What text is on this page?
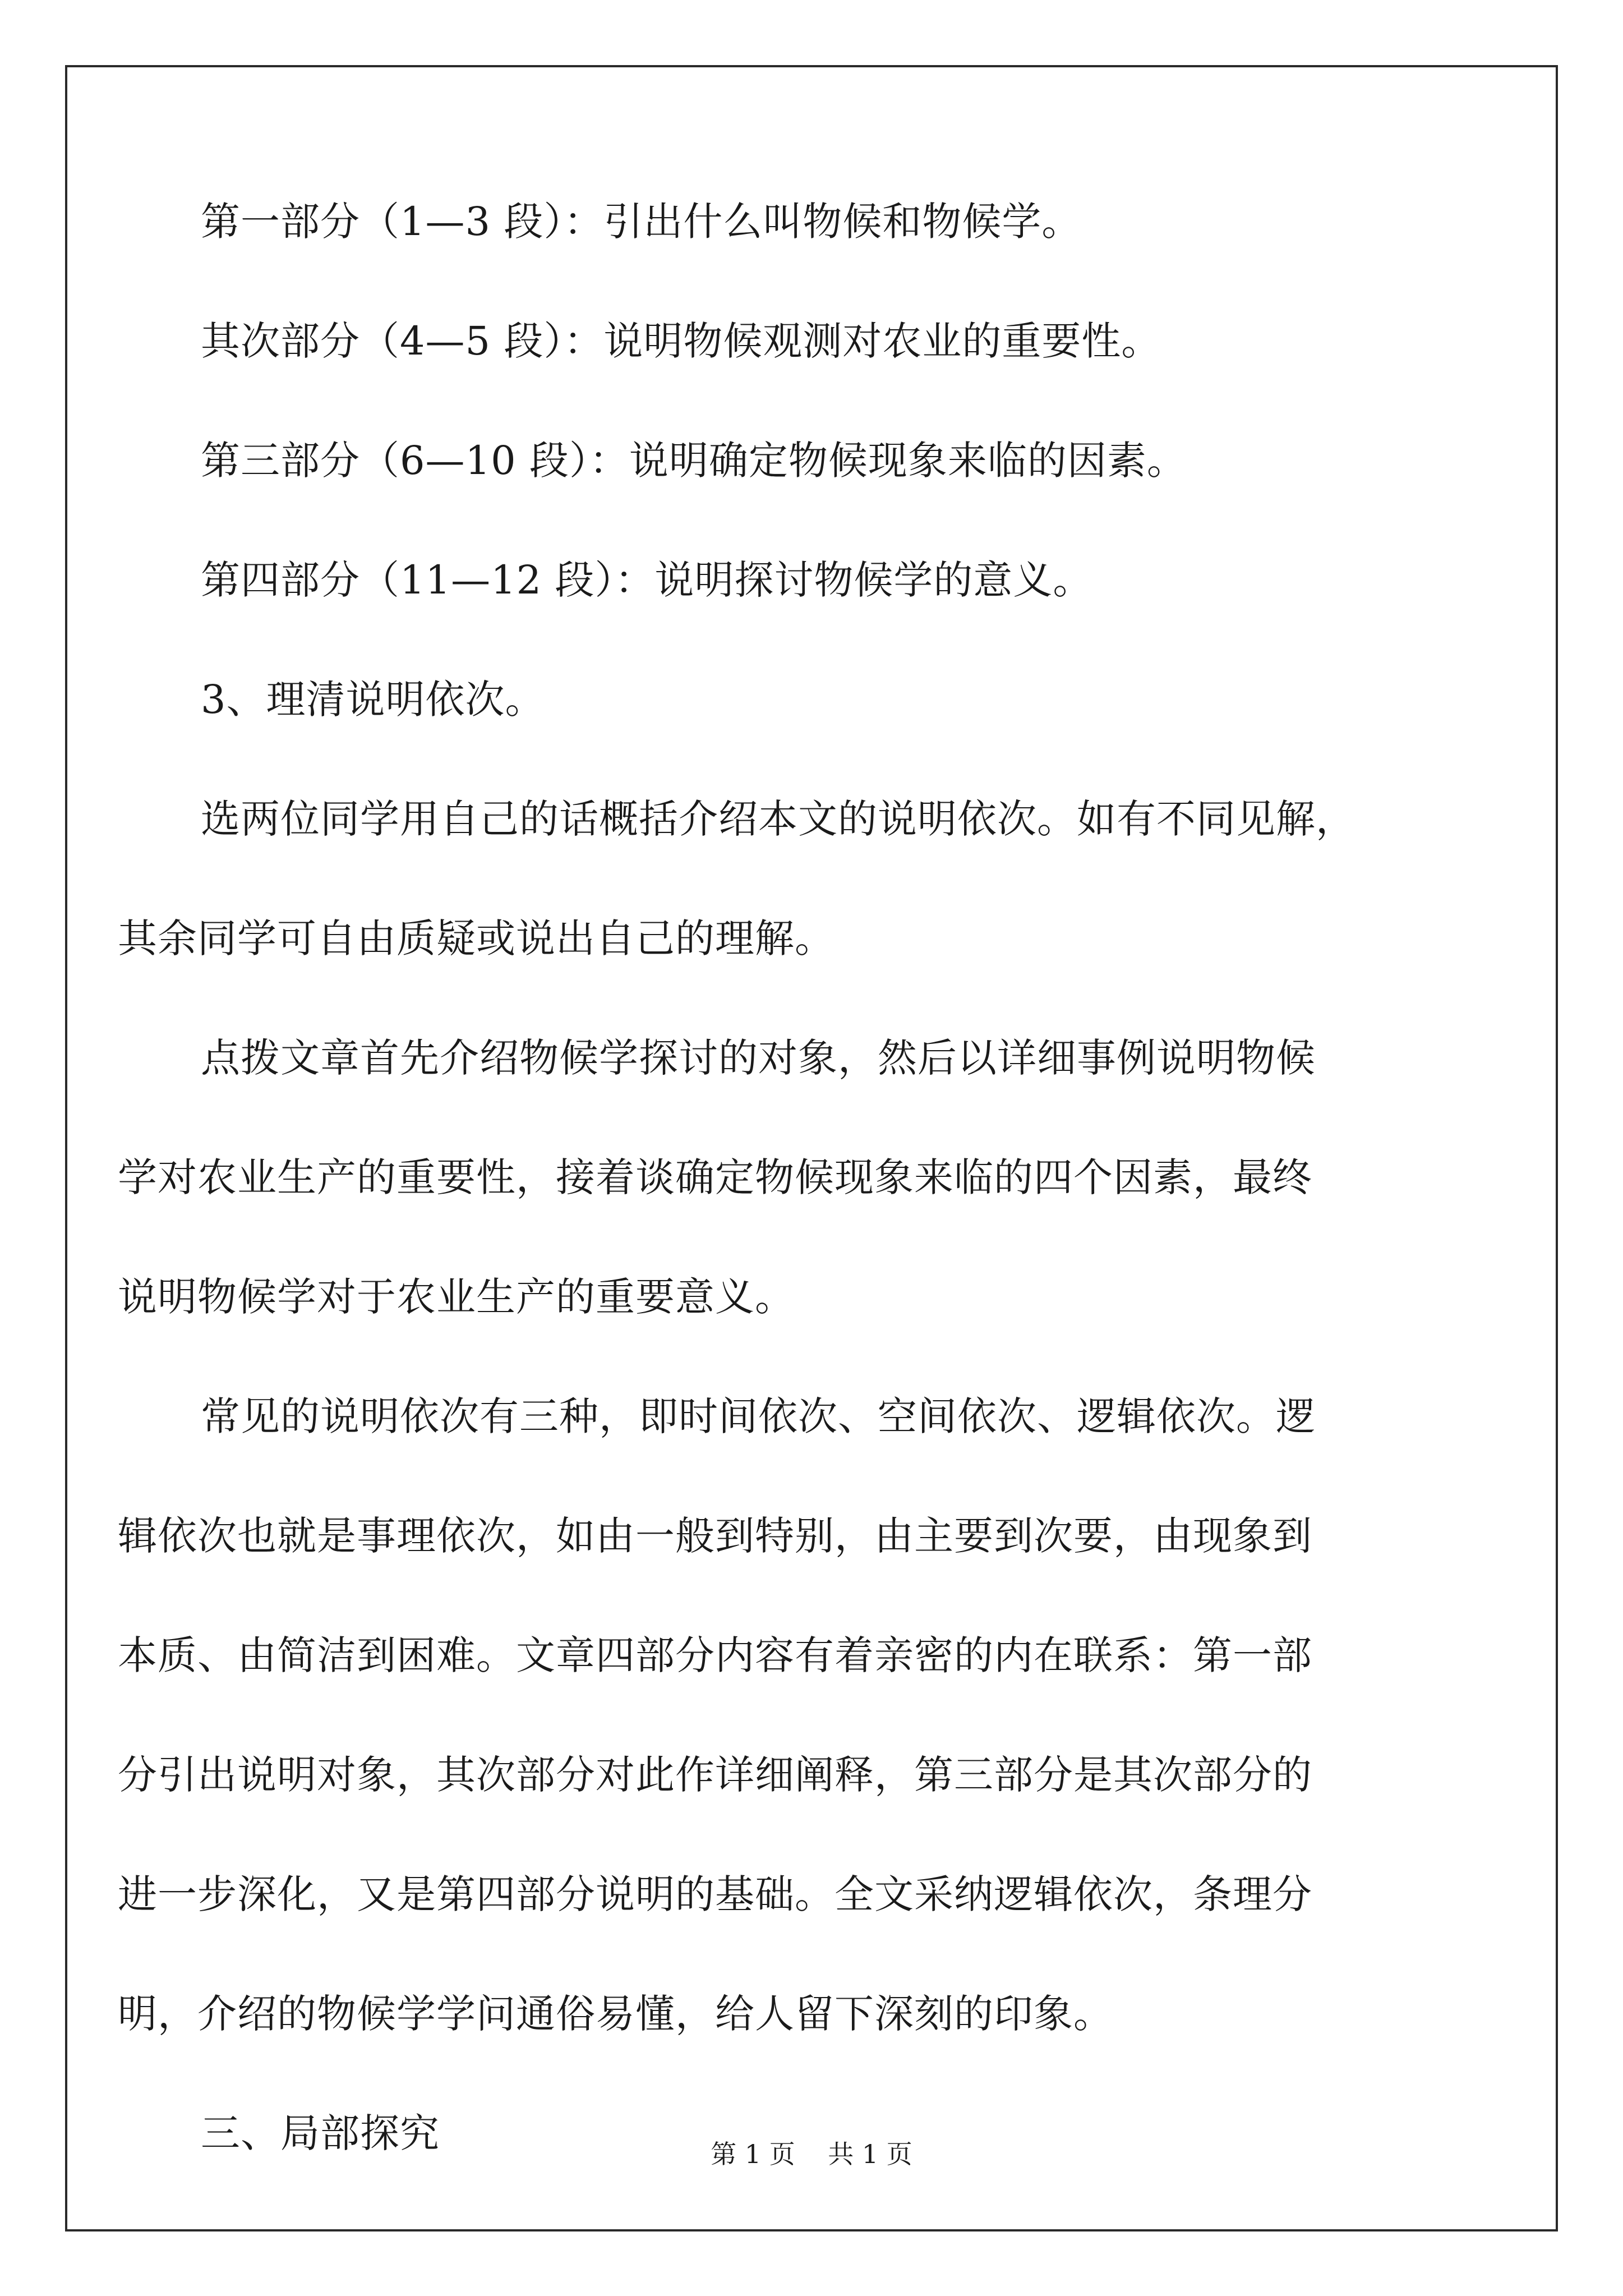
第一部分（1—3 段）：引出什么叫物候和物候学。
其次部分（4—5 段）：说明物候观测对农业的重要性。
第三部分（6—10 段）：说明确定物候现象来临的因素。
第四部分（11—12 段）：说明探讨物候学的意义。
3、理清说明依次。
选两位同学用自己的话概括介绍本文的说明依次。如有不同见解，
其余同学可自由质疑或说出自己的理解。
点拨文章首先介绍物候学探讨的对象，然后以详细事例说明物候
学对农业生产的重要性，接着谈确定物候现象来临的四个因素，最终
说明物候学对于农业生产的重要意义。
常见的说明依次有三种，即时间依次、空间依次、逻辑依次。逻
辑依次也就是事理依次，如由一般到特别，由主要到次要，由现象到
本质、由简洁到困难。文章四部分内容有着亲密的内在联系：第一部
分引出说明对象，其次部分对此作详细阐释，第三部分是其次部分的
进一步深化，又是第四部分说明的基础。全文采纳逻辑依次，条理分
明，介绍的物候学学问通俗易懂，给人留下深刻的印象。
三、局部探究	第 1 页    共 1 页
